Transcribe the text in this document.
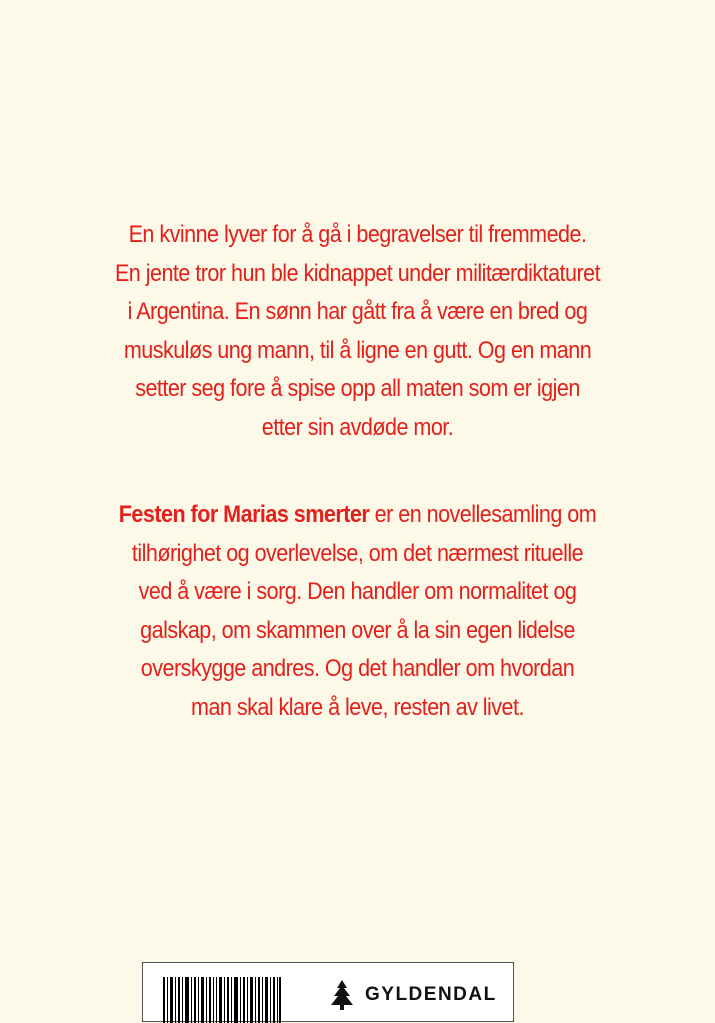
En kvinne lyver for å gå i begravelser til fremmede.
En jente tror hun ble kidnappet under militærdiktaturet
i Argentina. En sønn har gått fra å være en bred og
muskuløs ung mann, til å ligne en gutt. Og en mann
setter seg fore å spise opp all maten som er igjen
etter sin avdøde mor.
Festen for Marias smerter er en novellesamling om
tilhørighet og overlevelse, om det nærmest rituelle
ved å være i sorg. Den handler om normalitet og
galskap, om skammen over å la sin egen lidelse
overskygge andres. Og det handler om hvordan
man skal klare å leve, resten av livet.
GYLDENDAL
